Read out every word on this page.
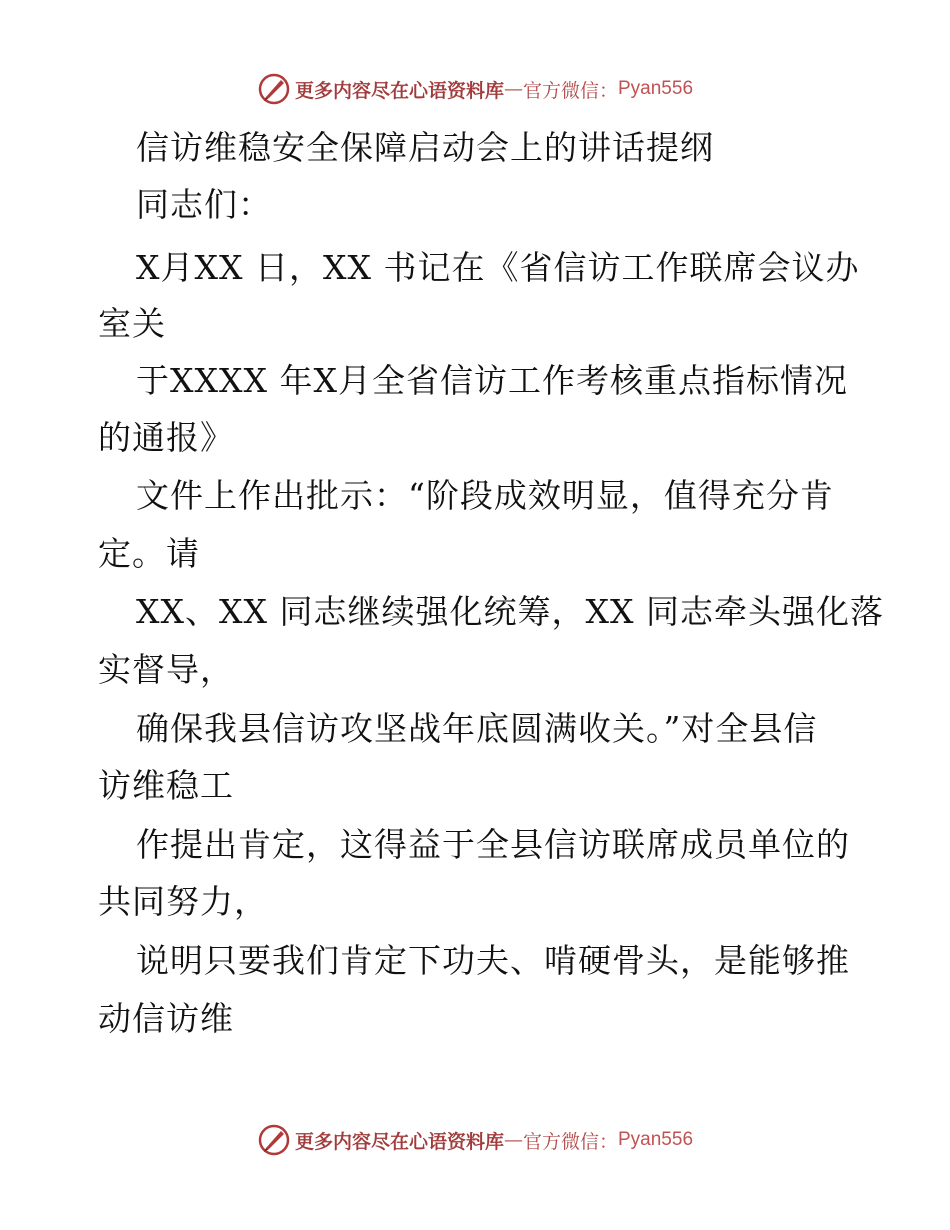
更多内容尽在心语资料库 — 官方微信： Pyan556
信访维稳安全保障启动会上的讲话提纲
同志们：
X月XX 日，XX 书记在《省信访工作联席会议办
室关
于XXXX 年X月全省信访工作考核重点指标情况
的通报》
文件上作出批示：“阶段成效明显，值得充分肯
定。请
XX、XX 同志继续强化统筹，XX 同志牵头强化落
实督导，
确保我县信访攻坚战年底圆满收关。”对全县信
访维稳工
作提出肯定，这得益于全县信访联席成员单位的
共同努力，
说明只要我们肯定下功夫、啃硬骨头，是能够推
动信访维
更多内容尽在心语资料库 — 官方微信： Pyan556
